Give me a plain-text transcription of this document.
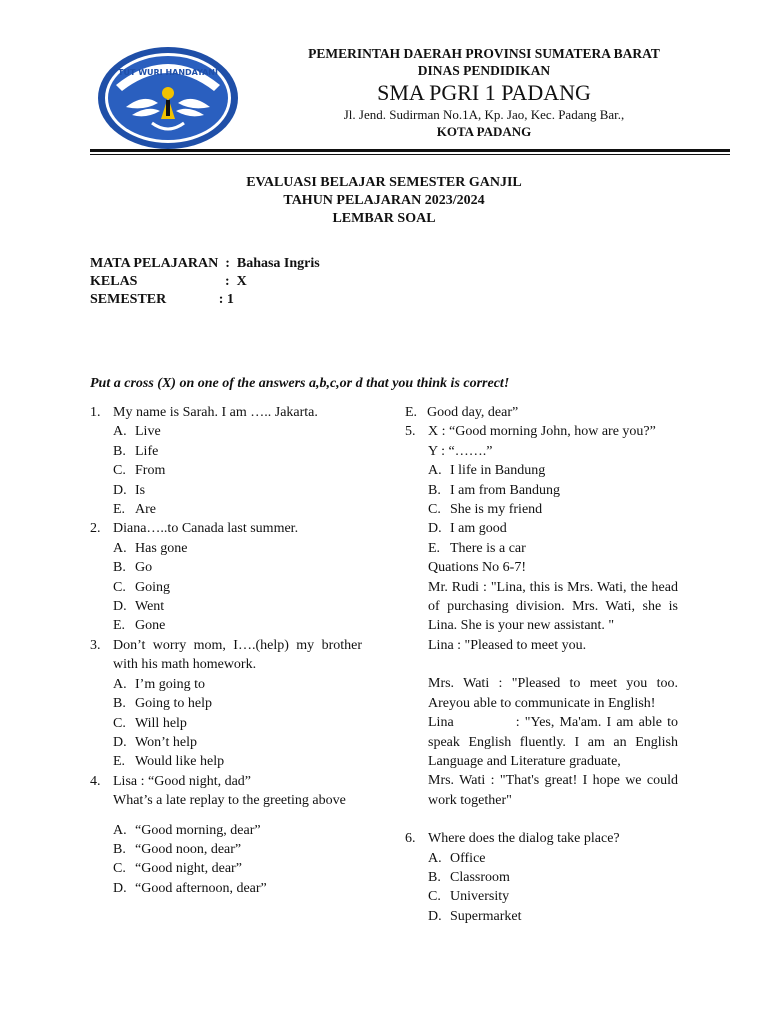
TUT WURI HANDAYANI
PEMERINTAH DAERAH PROVINSI SUMATERA BARAT
DINAS PENDIDIKAN
SMA PGRI 1 PADANG
Jl. Jend. Sudirman No.1A, Kp. Jao, Kec. Padang Bar.,
KOTA PADANG
EVALUASI BELAJAR SEMESTER GANJIL
TAHUN PELAJARAN 2023/2024
LEMBAR SOAL
MATA PELAJARAN  :  Bahasa Ingris
KELAS                         :  X
SEMESTER               : 1
Put a cross (X) on one of the answers a,b,c,or d that you think is correct!
1. My name is Sarah. I am ….. Jakarta.
A. Live
B. Life
C. From
D. Is
E. Are
2. Diana…..to Canada last summer.
A. Has gone
B. Go
C. Going
D. Went
E. Gone
3. Don’t worry mom, I….(help) my brother with his math homework.
A. I’m going to
B. Going to help
C. Will help
D. Won’t help
E. Would like help
4. Lisa : “Good night, dad”
What’s a late replay to the greeting above
A. “Good morning, dear”
B. “Good noon, dear”
C. “Good night, dear”
D. “Good afternoon, dear”
E. Good day, dear”
5. X : “Good morning John, how are you?”
Y : “…….”
A. I life in Bandung
B. I am from Bandung
C. She is my friend
D. I am good
E. There is a car
Quations No 6-7!
Mr. Rudi : "Lina, this is Mrs. Wati, the head of purchasing division. Mrs. Wati, she is Lina. She is your new assistant. "
Lina : "Pleased to meet you.
Mrs. Wati : "Pleased to meet you too. Areyou able to communicate in English!
Lina            : "Yes, Ma'am. I am able to speak English fluently. I am an English Language and Literature graduate,
Mrs. Wati : "That's great! I hope we could work together"
6. Where does the dialog take place?
A. Office
B. Classroom
C. University
D. Supermarket
